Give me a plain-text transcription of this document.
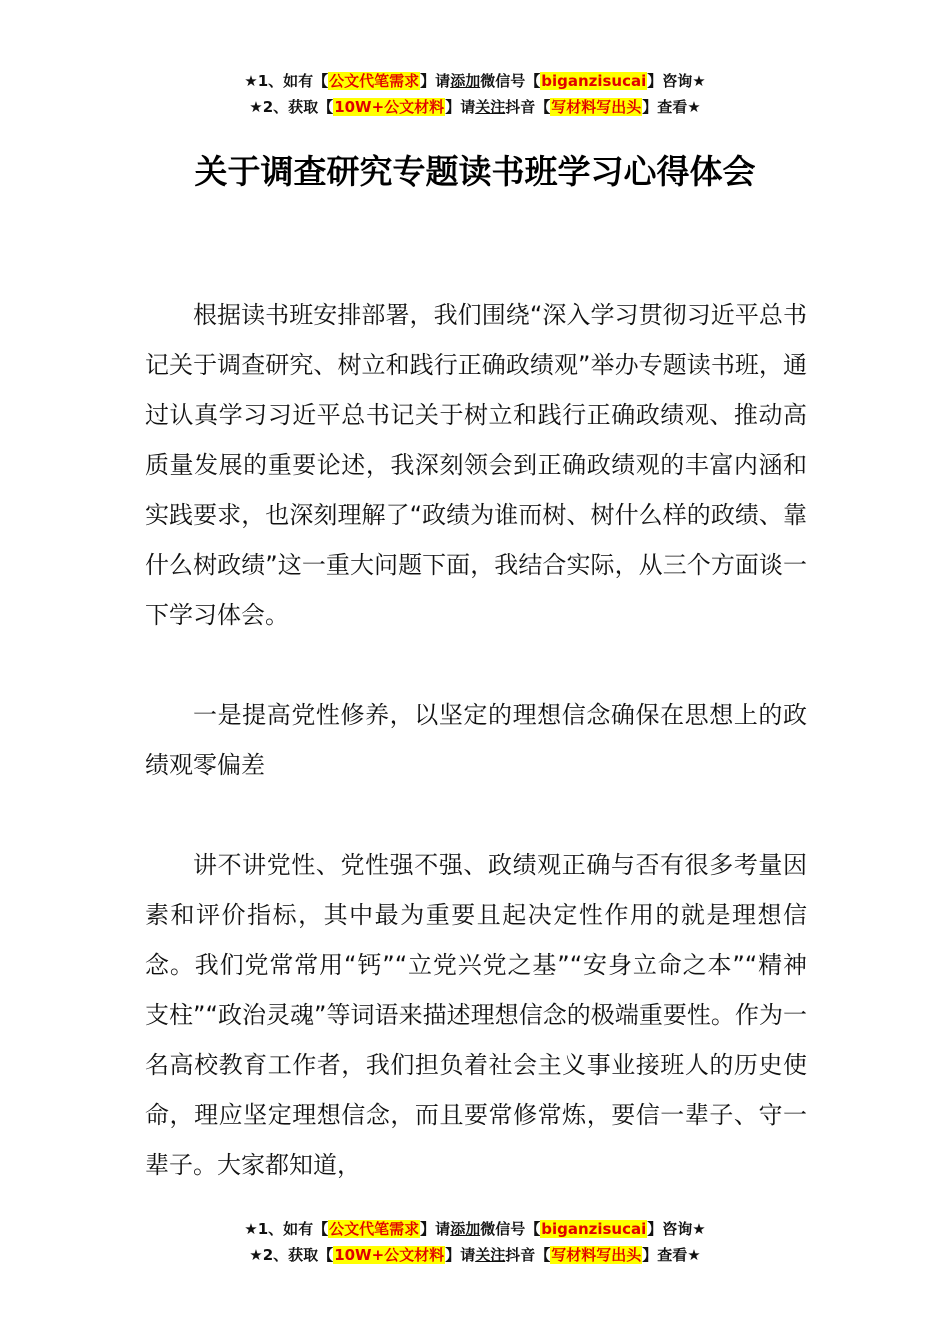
★1、如有【公文代笔需求】请添加微信号【biganzisucai】咨询★
★2、获取【10W+公文材料】请关注抖音【写材料写出头】查看★
关于调查研究专题读书班学习心得体会

根据读书班安排部署，我们围绕“深入学习贯彻习近平总书记关于调查研究、树立和践行正确政绩观”举办专题读书班，通过认真学习习近平总书记关于树立和践行正确政绩观、推动高质量发展的重要论述，我深刻领会到正确政绩观的丰富内涵和实践要求，也深刻理解了“政绩为谁而树、树什么样的政绩、靠什么树政绩”这一重大问题下面，我结合实际，从三个方面谈一下学习体会。

一是提高党性修养，以坚定的理想信念确保在思想上的政绩观零偏差

讲不讲党性、党性强不强、政绩观正确与否有很多考量因素和评价指标，其中最为重要且起决定性作用的就是理想信念。我们党常常用“钙”“立党兴党之基”“安身立命之本”“精神支柱”“政治灵魂”等词语来描述理想信念的极端重要性。作为一名高校教育工作者，我们担负着社会主义事业接班人的历史使命，理应坚定理想信念，而且要常修常炼，要信一辈子、守一辈子。大家都知道，

★1、如有【公文代笔需求】请添加微信号【biganzisucai】咨询★
★2、获取【10W+公文材料】请关注抖音【写材料写出头】查看★
